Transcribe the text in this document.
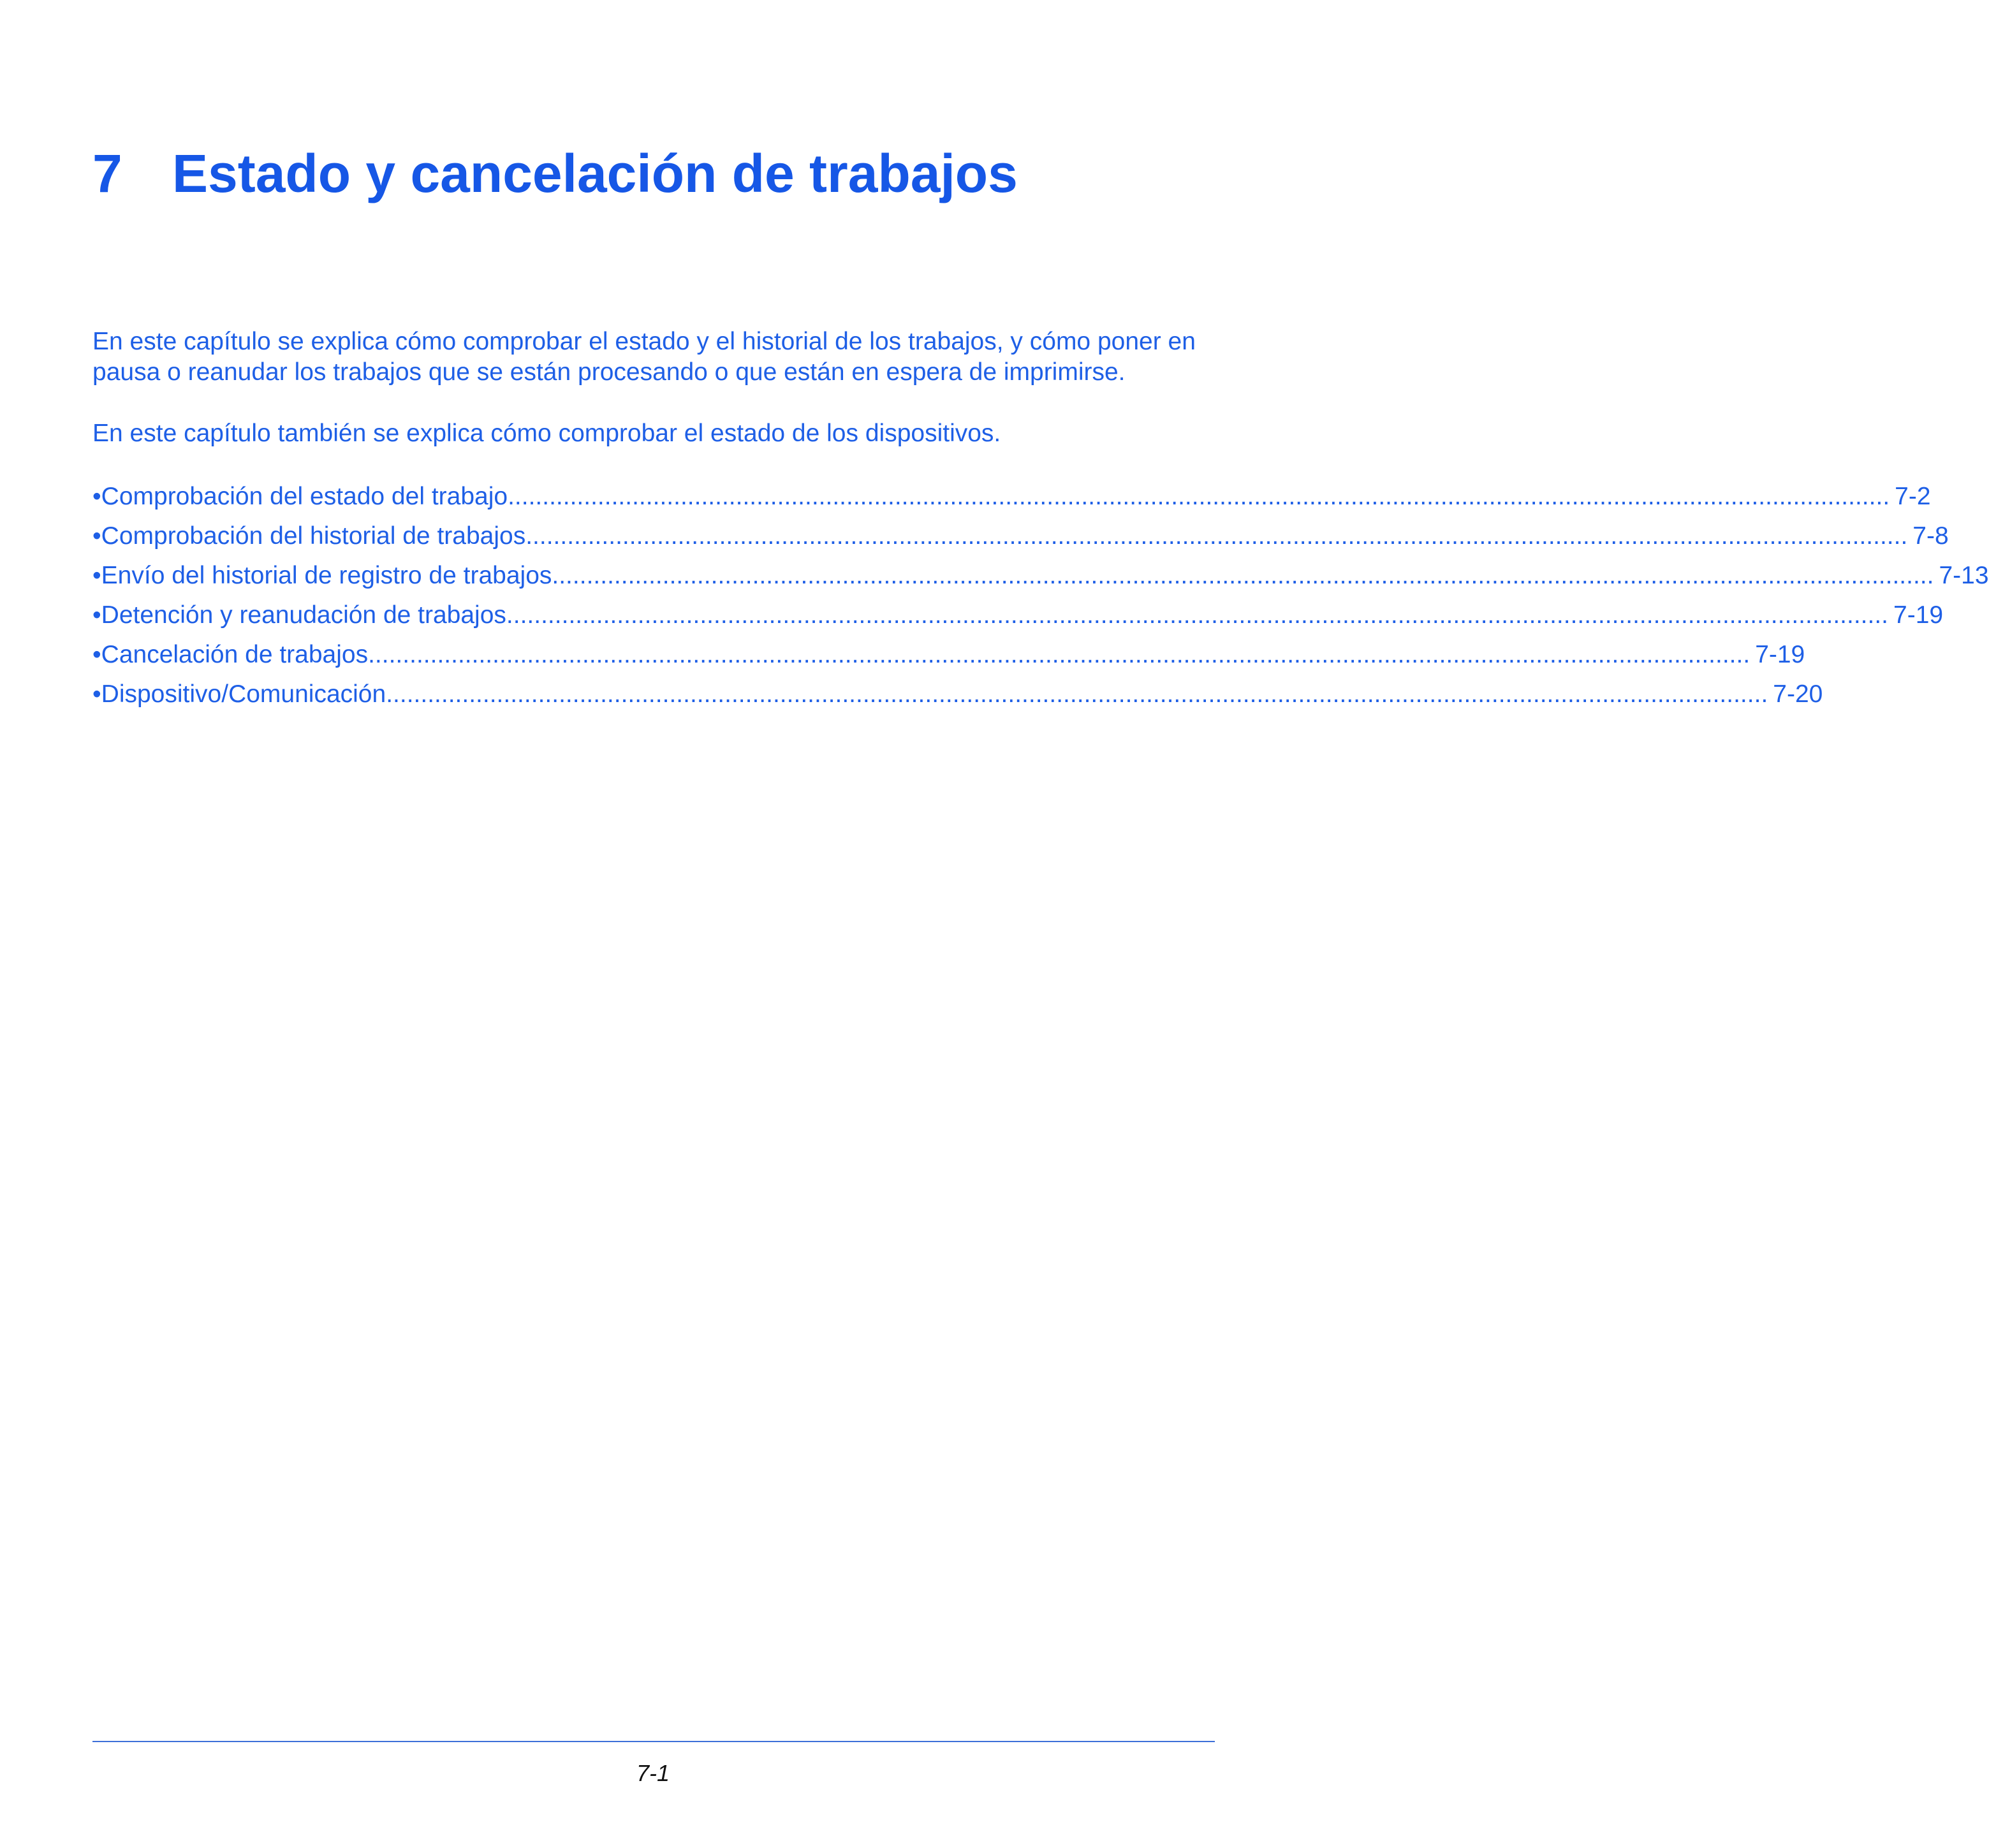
7 Estado y cancelación de trabajos

En este capítulo se explica cómo comprobar el estado y el historial de los trabajos, y cómo poner en pausa o reanudar los trabajos que se están procesando o que están en espera de imprimirse.

En este capítulo también se explica cómo comprobar el estado de los dispositivos.

• Comprobación del estado del trabajo ........................................................................................................................................................................................................ 7-2
• Comprobación del historial de trabajos ........................................................................................................................................................................................................ 7-8
• Envío del historial de registro de trabajos ........................................................................................................................................................................................................ 7-13
• Detención y reanudación de trabajos ........................................................................................................................................................................................................ 7-19
• Cancelación de trabajos ........................................................................................................................................................................................................ 7-19
• Dispositivo/Comunicación ........................................................................................................................................................................................................ 7-20
7-1
